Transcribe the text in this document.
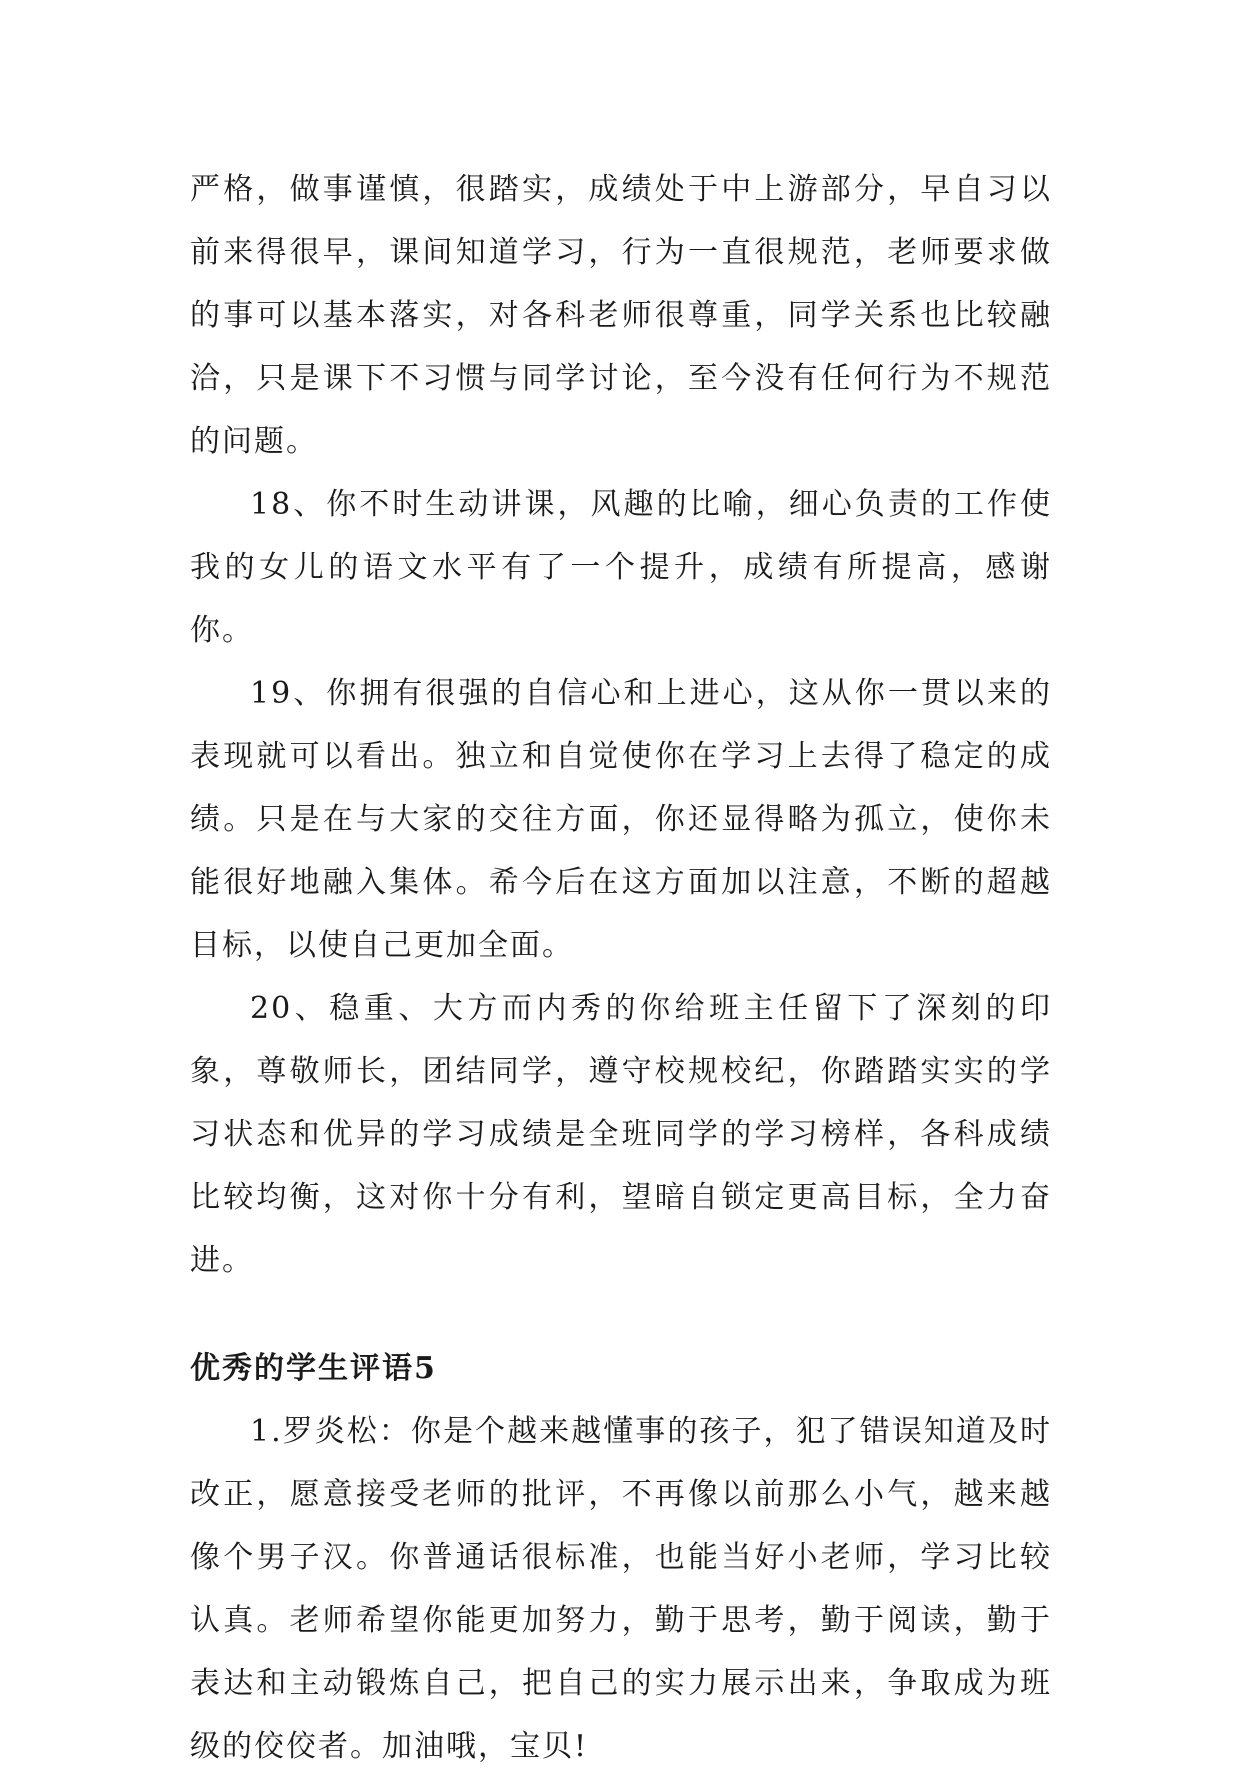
严格，做事谨慎，很踏实，成绩处于中上游部分，早自习以前来得很早，课间知道学习，行为一直很规范，老师要求做的事可以基本落实，对各科老师很尊重，同学关系也比较融洽，只是课下不习惯与同学讨论，至今没有任何行为不规范的问题。

18、你不时生动讲课，风趣的比喻，细心负责的工作使我的女儿的语文水平有了一个提升，成绩有所提高，感谢你。

19、你拥有很强的自信心和上进心，这从你一贯以来的表现就可以看出。独立和自觉使你在学习上去得了稳定的成绩。只是在与大家的交往方面，你还显得略为孤立，使你未能很好地融入集体。希今后在这方面加以注意，不断的超越目标，以使自己更加全面。

20、稳重、大方而内秀的你给班主任留下了深刻的印象，尊敬师长，团结同学，遵守校规校纪，你踏踏实实的学习状态和优异的学习成绩是全班同学的学习榜样，各科成绩比较均衡，这对你十分有利，望暗自锁定更高目标，全力奋进。

优秀的学生评语5

1.罗炎松：你是个越来越懂事的孩子，犯了错误知道及时改正，愿意接受老师的批评，不再像以前那么小气，越来越像个男子汉。你普通话很标准，也能当好小老师，学习比较认真。老师希望你能更加努力，勤于思考，勤于阅读，勤于表达和主动锻炼自己，把自己的实力展示出来，争取成为班级的佼佼者。加油哦，宝贝!
